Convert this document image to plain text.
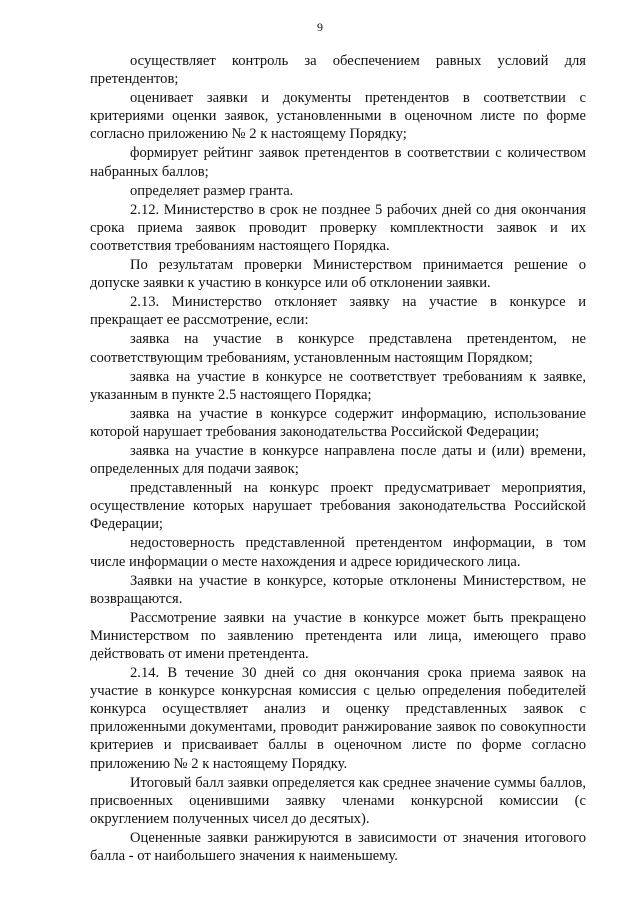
9

осуществляет контроль за обеспечением равных условий для претендентов;

оценивает заявки и документы претендентов в соответствии с критериями оценки заявок, установленными в оценочном листе по форме согласно приложению № 2 к настоящему Порядку;

формирует рейтинг заявок претендентов в соответствии с количеством набранных баллов;

определяет размер гранта.

2.12. Министерство в срок не позднее 5 рабочих дней со дня окончания срока приема заявок проводит проверку комплектности заявок и их соответствия требованиям настоящего Порядка.

По результатам проверки Министерством принимается решение о допуске заявки к участию в конкурсе или об отклонении заявки.

2.13. Министерство отклоняет заявку на участие в конкурсе и прекращает ее рассмотрение, если:

заявка на участие в конкурсе представлена претендентом, не соответствующим требованиям, установленным настоящим Порядком;

заявка на участие в конкурсе не соответствует требованиям к заявке, указанным в пункте 2.5 настоящего Порядка;

заявка на участие в конкурсе содержит информацию, использование которой нарушает требования законодательства Российской Федерации;

заявка на участие в конкурсе направлена после даты и (или) времени, определенных для подачи заявок;

представленный на конкурс проект предусматривает мероприятия, осуществление которых нарушает требования законодательства Российской Федерации;

недостоверность представленной претендентом информации, в том числе информации о месте нахождения и адресе юридического лица.

Заявки на участие в конкурсе, которые отклонены Министерством, не возвращаются.

Рассмотрение заявки на участие в конкурсе может быть прекращено Министерством по заявлению претендента или лица, имеющего право действовать от имени претендента.

2.14. В течение 30 дней со дня окончания срока приема заявок на участие в конкурсе конкурсная комиссия с целью определения победителей конкурса осуществляет анализ и оценку представленных заявок с приложенными документами, проводит ранжирование заявок по совокупности критериев и присваивает баллы в оценочном листе по форме согласно приложению № 2 к настоящему Порядку.

Итоговый балл заявки определяется как среднее значение суммы баллов, присвоенных оценившими заявку членами конкурсной комиссии (с округлением полученных чисел до десятых).

Оцененные заявки ранжируются в зависимости от значения итогового балла - от наибольшего значения к наименьшему.
